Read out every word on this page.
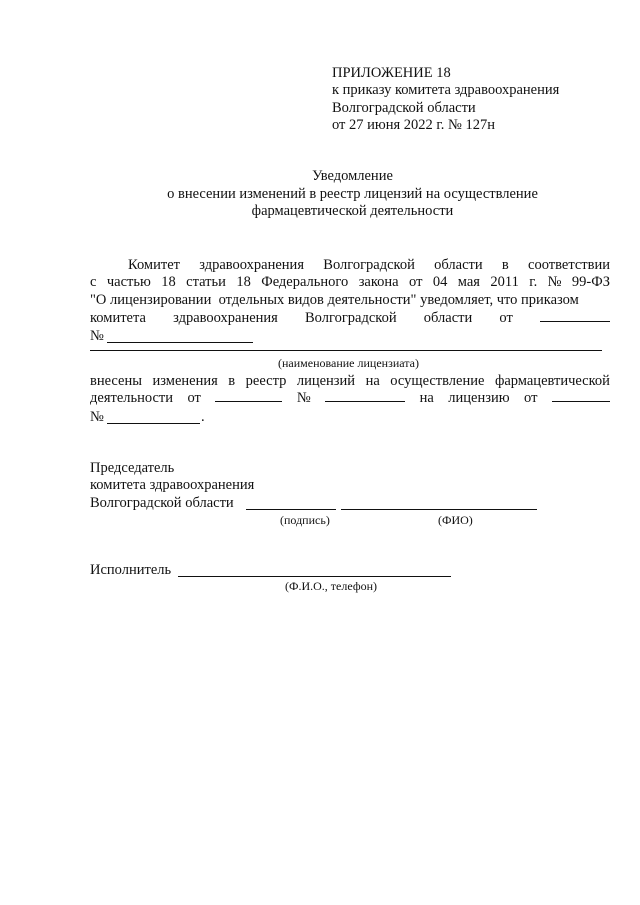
ПРИЛОЖЕНИЕ 18
к приказу комитета здравоохранения
Волгоградской области
от 27 июня 2022 г. № 127н
Уведомление
о внесении изменений в реестр лицензий на осуществление
фармацевтической деятельности
Комитет здравоохранения Волгоградской области в соответствии
с частью 18 статьи 18 Федерального закона от 04 мая 2011 г. № 99-ФЗ
"О лицензировании  отдельных видов деятельности" уведомляет, что приказом
комитета здравоохранения Волгоградской области от
№
(наименование лицензиата)
внесены изменения в реестр лицензий на осуществление фармацевтической
деятельности от	№	на лицензию от
№	.
Председатель
комитета здравоохранения
Волгоградской области
(подпись)	(ФИО)
Исполнитель
(Ф.И.О., телефон)
